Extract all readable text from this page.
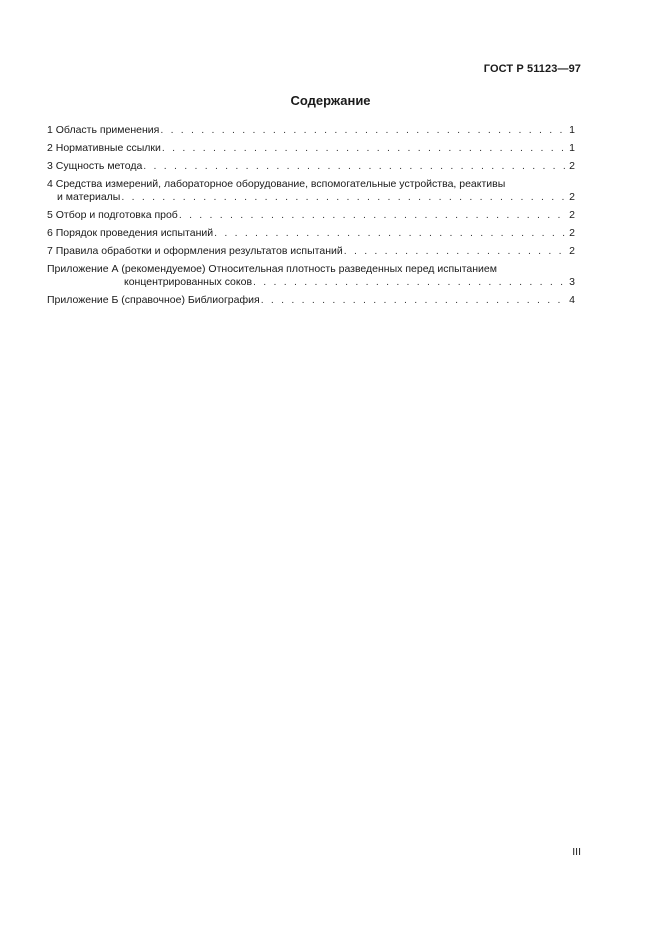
ГОСТ Р 51123—97
Содержание
1 Область применения . . .	1
2 Нормативные ссылки . . .	1
3 Сущность метода . . .	2
4 Средства измерений, лабораторное оборудование, вспомогательные устройства, реактивы
и материалы . . .	2
5 Отбор и подготовка проб . . .	2
6 Порядок проведения испытаний . . .	2
7 Правила обработки и оформления результатов испытаний . . .	2
Приложение А (рекомендуемое) Относительная плотность разведенных перед испытанием
концентрированных соков . . .	3
Приложение Б (справочное) Библиография . . .	4
III
